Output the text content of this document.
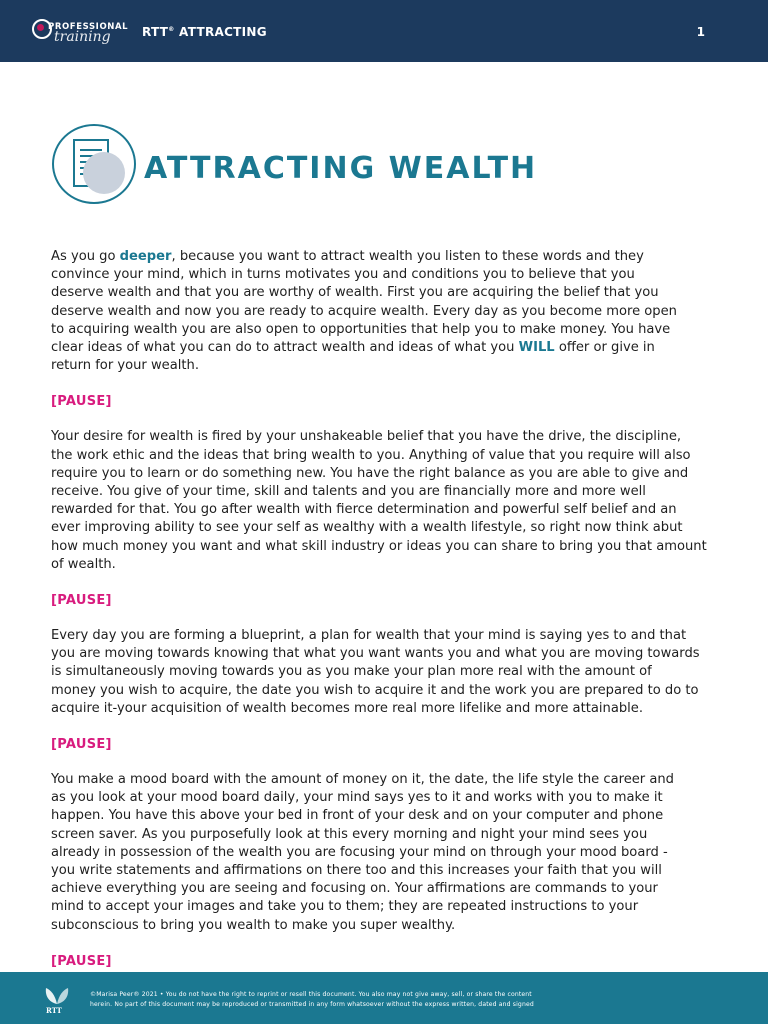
PROFESSIONAL
training	RTT® ATTRACTING	1
ATTRACTING WEALTH
As you go deeper, because you want to attract wealth you listen to these words and they
convince your mind, which in turns motivates you and conditions you to believe that you
deserve wealth and that you are worthy of wealth. First you are acquiring the belief that you
deserve wealth and now you are ready to acquire wealth. Every day as you become more open
to acquiring wealth you are also open to opportunities that help you to make money. You have
clear ideas of what you can do to attract wealth and ideas of what you WILL offer or give in
return for your wealth.
[PAUSE]
Your desire for wealth is fired by your unshakeable belief that you have the drive, the discipline,
the work ethic and the ideas that bring wealth to you. Anything of value that you require will also
require you to learn or do something new. You have the right balance as you are able to give and
receive. You give of your time, skill and talents and you are financially more and more well
rewarded for that. You go after wealth with fierce determination and powerful self belief and an
ever improving ability to see your self as wealthy with a wealth lifestyle, so right now think abut
how much money you want and what skill industry or ideas you can share to bring you that amount
of wealth.
[PAUSE]
Every day you are forming a blueprint, a plan for wealth that your mind is saying yes to and that
you are moving towards knowing that what you want wants you and what you are moving towards
is simultaneously moving towards you as you make your plan more real with the amount of
money you wish to acquire, the date you wish to acquire it and the work you are prepared to do to
acquire it-your acquisition of wealth becomes more real more lifelike and more attainable.
[PAUSE]
You make a mood board with the amount of money on it, the date, the life style the career and
as you look at your mood board daily, your mind says yes to it and works with you to make it
happen. You have this above your bed in front of your desk and on your computer and phone
screen saver. As you purposefully look at this every morning and night your mind sees you
already in possession of the wealth you are focusing your mind on through your mood board -
you write statements and affirmations on there too and this increases your faith that you will
achieve everything you are seeing and focusing on. Your affirmations are commands to your
mind to accept your images and take you to them; they are repeated instructions to your
subconscious to bring you wealth to make you super wealthy.
[PAUSE]
RTT
©Marisa Peer® 2021 • You do not have the right to reprint or resell this document. You also may not give away, sell, or share the content
herein. No part of this document may be reproduced or transmitted in any form whatsoever without the express written, dated and signed
